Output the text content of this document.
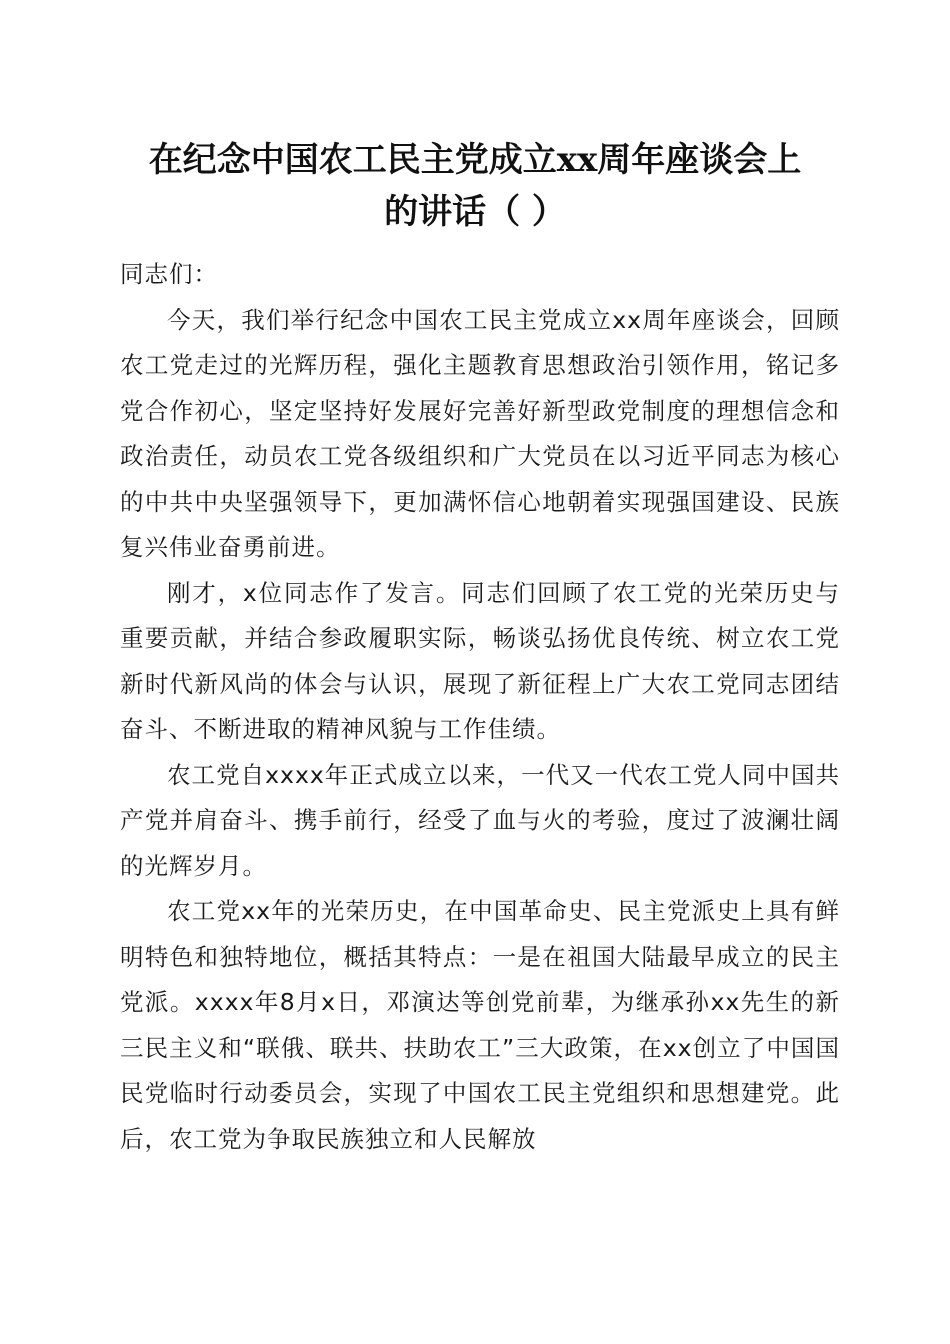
在纪念中国农工民主党成立xx周年座谈会上
的讲话（ ）

同志们：

今天，我们举行纪念中国农工民主党成立xx周年座谈会，回顾农工党走过的光辉历程，强化主题教育思想政治引领作用，铭记多党合作初心，坚定坚持好发展好完善好新型政党制度的理想信念和政治责任，动员农工党各级组织和广大党员在以习近平同志为核心的中共中央坚强领导下，更加满怀信心地朝着实现强国建设、民族复兴伟业奋勇前进。

刚才，x位同志作了发言。同志们回顾了农工党的光荣历史与重要贡献，并结合参政履职实际，畅谈弘扬优良传统、树立农工党新时代新风尚的体会与认识，展现了新征程上广大农工党同志团结奋斗、不断进取的精神风貌与工作佳绩。

农工党自xxxx年正式成立以来，一代又一代农工党人同中国共产党并肩奋斗、携手前行，经受了血与火的考验，度过了波澜壮阔的光辉岁月。

农工党xx年的光荣历史，在中国革命史、民主党派史上具有鲜明特色和独特地位，概括其特点：一是在祖国大陆最早成立的民主党派。xxxx年8月x日，邓演达等创党前辈，为继承孙xx先生的新三民主义和“联俄、联共、扶助农工”三大政策，在xx创立了中国国民党临时行动委员会，实现了中国农工民主党组织和思想建党。此后，农工党为争取民族独立和人民解放
